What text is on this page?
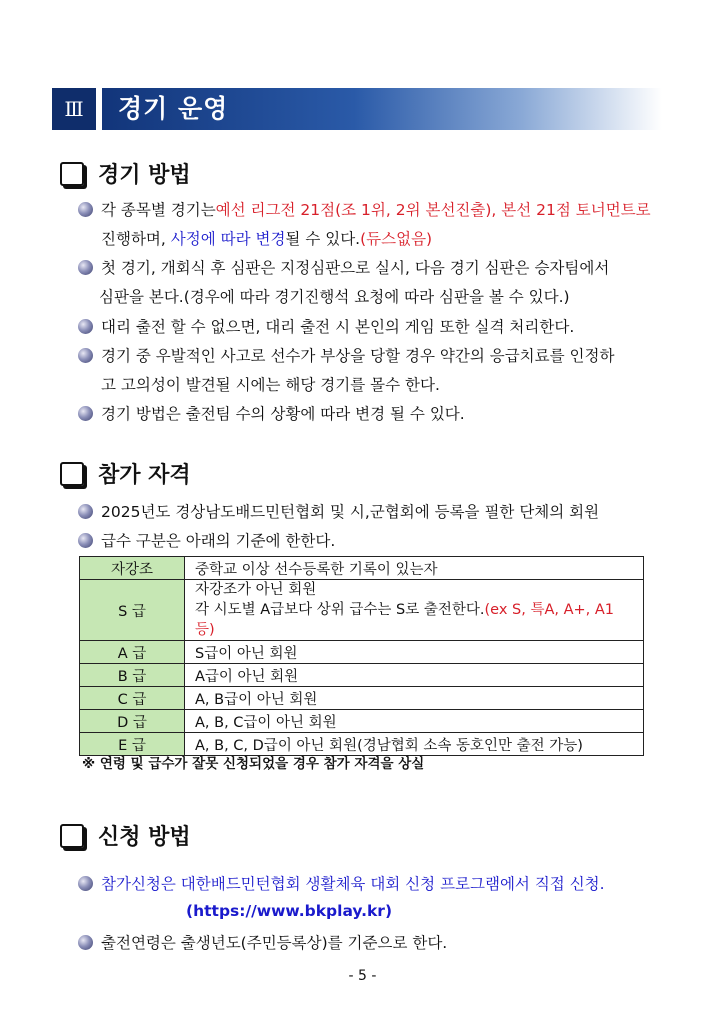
Ⅲ	경기 운영
경기 방법
각 종목별 경기는 예선 리그전 21점(조 1위, 2위 본선진출), 본선 21점 토너먼트로
진행하며, 사정에 따라 변경될 수 있다.(듀스없음)
첫 경기, 개회식 후 심판은 지정심판으로 실시, 다음 경기 심판은 승자팀에서
심판을 본다.(경우에 따라 경기진행석 요청에 따라 심판을 볼 수 있다.)
대리 출전 할 수 없으면, 대리 출전 시 본인의 게임 또한 실격 처리한다.
경기 중 우발적인 사고로 선수가 부상을 당할 경우 약간의 응급치료를 인정하
고 고의성이 발견될 시에는 해당 경기를 몰수 한다.
경기 방법은 출전팀 수의 상황에 따라 변경 될 수 있다.
참가 자격
2025년도 경상남도배드민턴협회 및 시,군협회에 등록을 필한 단체의 회원
급수 구분은 아래의 기준에 한한다.
자강조	중학교 이상 선수등록한 기록이 있는자
S 급	자강조가 아닌 회원
각 시도별 A급보다 상위 급수는 S로 출전한다.(ex S, 특A, A+, A1 등)

A 급	S급이 아닌 회원
B 급	A급이 아닌 회원
C 급	A, B급이 아닌 회원
D 급	A, B, C급이 아닌 회원
E 급	A, B, C, D급이 아닌 회원(경남협회 소속 동호인만 출전 가능)
※ 연령 및 급수가 잘못 신청되었을 경우 참가 자격을 상실
신청 방법
참가신청은 대한배드민턴협회 생활체육 대회 신청 프로그램에서 직접 신청.
(https://www.bkplay.kr)
출전연령은 출생년도(주민등록상)를 기준으로 한다.
- 5 -
